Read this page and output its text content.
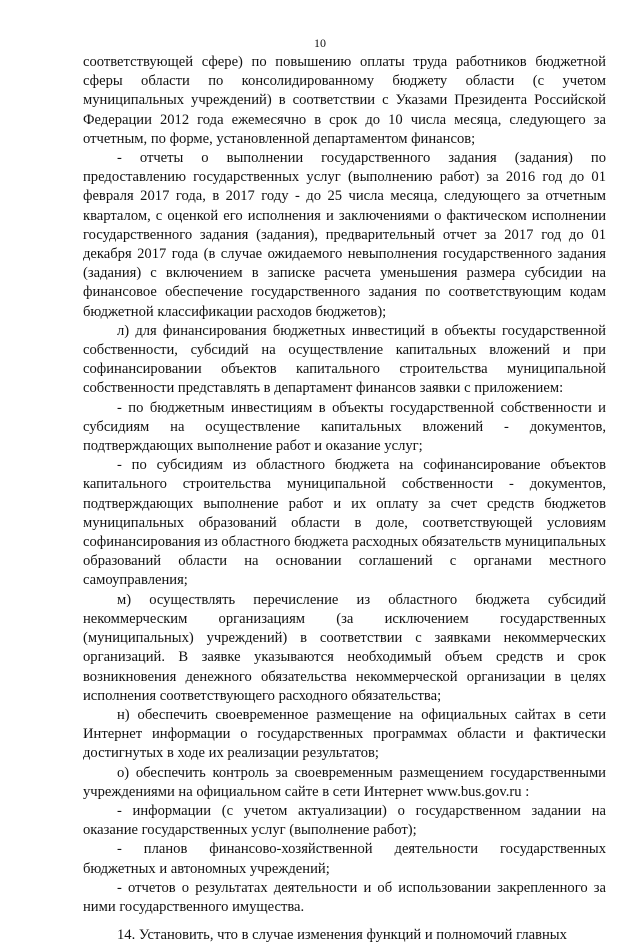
10

соответствующей сфере) по повышению оплаты труда работников бюджетной сферы области по консолидированному бюджету области (с учетом муниципальных учреждений) в соответствии с Указами Президента Российской Федерации 2012 года ежемесячно в срок до 10 числа месяца, следующего за отчетным, по форме, установленной департаментом финансов;

- отчеты о выполнении государственного задания (задания) по предоставлению государственных услуг (выполнению работ) за 2016 год до 01 февраля 2017 года, в 2017 году - до 25 числа месяца, следующего за отчетным кварталом, с оценкой его исполнения и заключениями о фактическом исполнении государственного задания (задания), предварительный отчет за 2017 год до 01 декабря 2017 года (в случае ожидаемого невыполнения государственного задания (задания) с включением в записке расчета уменьшения размера субсидии на финансовое обеспечение государственного задания по соответствующим кодам бюджетной классификации расходов бюджетов);

л) для финансирования бюджетных инвестиций в объекты государственной собственности, субсидий на осуществление капитальных вложений и при софинансировании объектов капитального строительства муниципальной собственности представлять в департамент финансов заявки с приложением:

- по бюджетным инвестициям в объекты государственной собственности и субсидиям на осуществление капитальных вложений - документов, подтверждающих выполнение работ и оказание услуг;

- по субсидиям из областного бюджета на софинансирование объектов капитального строительства муниципальной собственности - документов, подтверждающих выполнение работ и их оплату за счет средств бюджетов муниципальных образований области в доле, соответствующей условиям софинансирования из областного бюджета расходных обязательств муниципальных образований области на основании соглашений с органами местного самоуправления;

м) осуществлять перечисление из областного бюджета субсидий некоммерческим организациям (за исключением государственных (муниципальных) учреждений) в соответствии с заявками некоммерческих организаций. В заявке указываются необходимый объем средств и срок возникновения денежного обязательства некоммерческой организации в целях исполнения соответствующего расходного обязательства;

н) обеспечить своевременное размещение на официальных сайтах в сети Интернет информации о государственных программах области и фактически достигнутых в ходе их реализации результатов;

о) обеспечить контроль за своевременным размещением государственными учреждениями на официальном сайте в сети Интернет www.bus.gov.ru :

- информации (с учетом актуализации) о государственном задании на оказание государственных услуг (выполнение работ);

- планов финансово-хозяйственной деятельности государственных бюджетных и автономных учреждений;

- отчетов о результатах деятельности и об использовании закрепленного за ними государственного имущества.

14. Установить, что в случае изменения функций и полномочий главных
